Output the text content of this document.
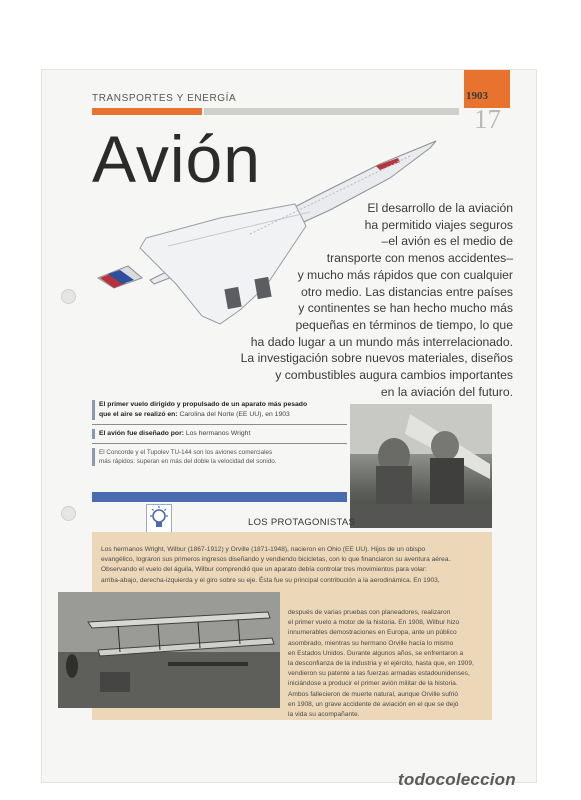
1903
17
TRANSPORTES Y ENERGÍA
Avión
El desarrollo de la aviación
ha permitido viajes seguros
–el avión es el medio de
transporte con menos accidentes–
y mucho más rápidos que con cualquier
otro medio. Las distancias entre países
y continentes se han hecho mucho más
pequeñas en términos de tiempo, lo que
ha dado lugar a un mundo más interrelacionado.
La investigación sobre nuevos materiales, diseños
y combustibles augura cambios importantes
en la aviación del futuro.
El primer vuelo dirigido y propulsado de un aparato más pesado
que el aire se realizó en: Carolina del Norte (EE UU), en 1903
El avión fue diseñado por: Los hermanos Wright
El Concorde y el Tupolev TU-144 son los aviones comerciales
más rápidos: superan en más del doble la velocidad del sonido.
LOS PROTAGONISTAS
Los hermanos Wright, Wilbur (1867-1912) y Orville (1871-1948), nacieron en Ohio (EE UU). Hijos de un obispo
evangélico, lograron sus primeros ingresos diseñando y vendiendo bicicletas, con lo que financiaron su aventura aérea.
Observando el vuelo del águila, Wilbur comprendió que un aparato debía controlar tres movimientos para volar:
arriba-abajo, derecha-izquierda y el giro sobre su eje. Ésta fue su principal contribución a la aerodinámica. En 1903,
después de varias pruebas con planeadores, realizaron
el primer vuelo a motor de la historia. En 1908, Wilbur hizo
innumerables demostraciones en Europa, ante un público
asombrado, mientras su hermano Orville hacía lo mismo
en Estados Unidos. Durante algunos años, se enfrentaron a
la desconfianza de la industria y el ejército, hasta que, en 1909,
vendieron su patente a las fuerzas armadas estadounidenses,
iniciándose a producir el primer avión militar de la historia.
Ambos fallecieron de muerte natural, aunque Orville sufrió
en 1908, un grave accidente de aviación en el que se dejó
la vida su acompañante.
todocoleccion
